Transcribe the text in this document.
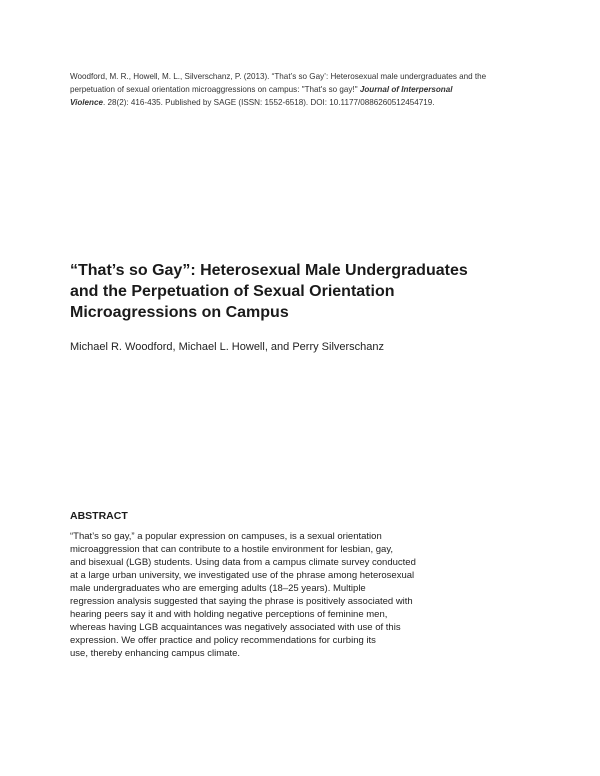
Woodford, M. R., Howell, M. L., Silverschanz, P. (2013). “That’s so Gay’: Heterosexual male undergraduates and the
perpetuation of sexual orientation microaggressions on campus: "That's so gay!" Journal of Interpersonal
Violence. 28(2): 416-435. Published by SAGE (ISSN: 1552-6518). DOI: 10.1177/0886260512454719.
“That’s so Gay”: Heterosexual Male Undergraduates
and the Perpetuation of Sexual Orientation
Microagressions on Campus
Michael R. Woodford, Michael L. Howell, and Perry Silverschanz
ABSTRACT
“That’s so gay,” a popular expression on campuses, is a sexual orientation
microaggression that can contribute to a hostile environment for lesbian, gay,
and bisexual (LGB) students. Using data from a campus climate survey conducted
at a large urban university, we investigated use of the phrase among heterosexual
male undergraduates who are emerging adults (18–25 years). Multiple
regression analysis suggested that saying the phrase is positively associated with
hearing peers say it and with holding negative perceptions of feminine men,
whereas having LGB acquaintances was negatively associated with use of this
expression. We offer practice and policy recommendations for curbing its
use, thereby enhancing campus climate.
